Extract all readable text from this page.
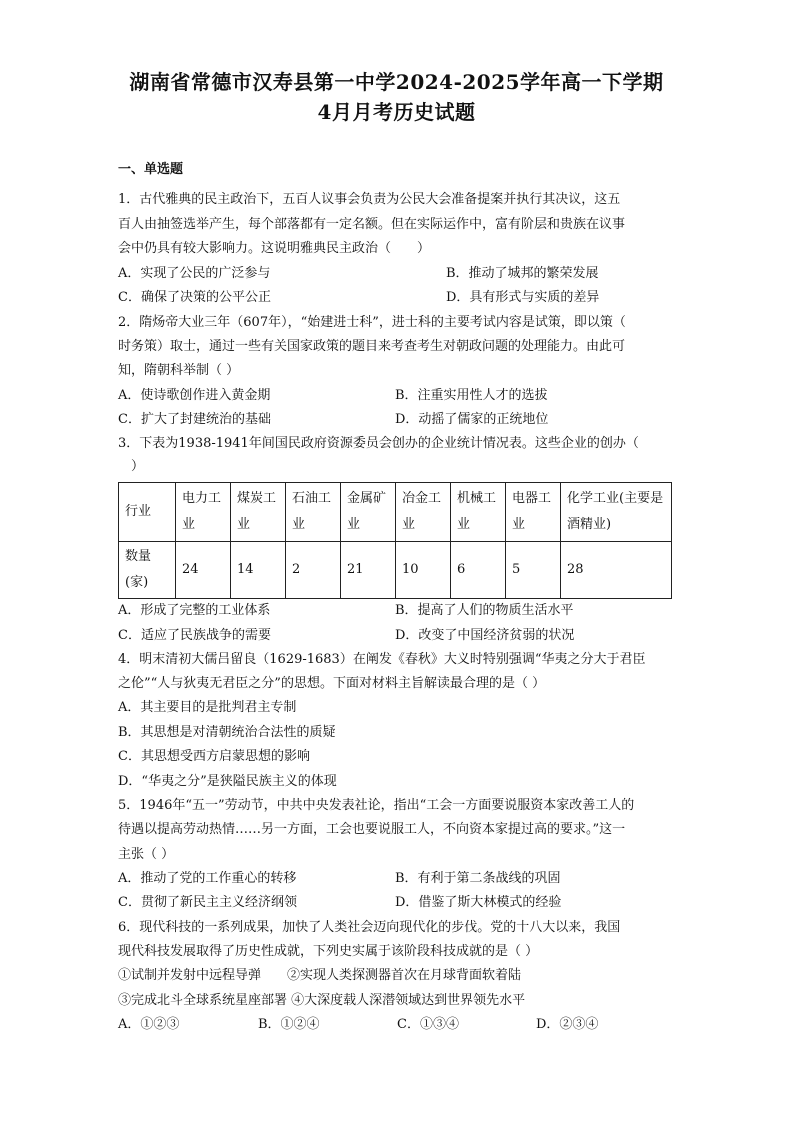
湖南省常德市汉寿县第一中学2024-2025学年高一下学期
4月月考历史试题
一、单选题
1．古代雅典的民主政治下，五百人议事会负责为公民大会准备提案并执行其决议，这五
百人由抽签选举产生，每个部落都有一定名额。但在实际运作中，富有阶层和贵族在议事
会中仍具有较大影响力。这说明雅典民主政治（　　）
A．实现了公民的广泛参与	B．推动了城邦的繁荣发展
C．确保了决策的公平公正	D．具有形式与实质的差异
2．隋炀帝大业三年（607年），“始建进士科”，进士科的主要考试内容是试策，即以策（
时务策）取士，通过一些有关国家政策的题目来考查考生对朝政问题的处理能力。由此可
知，隋朝科举制（ ）
A．使诗歌创作进入黄金期	B．注重实用性人才的选拔
C．扩大了封建统治的基础	D．动摇了儒家的正统地位
3．下表为1938-1941年间国民政府资源委员会创办的企业统计情况表。这些企业的创办（
　）
行业	电力工业	煤炭工业	石油工业	金属矿业	冶金工业	机械工业	电器工业	化学工业(主要是酒精业)
数量(家)	24	14	2	21	10	6	5	28
A．形成了完整的工业体系	B．提高了人们的物质生活水平
C．适应了民族战争的需要	D．改变了中国经济贫弱的状况
4．明末清初大儒吕留良（1629-1683）在阐发《春秋》大义时特别强调“华夷之分大于君臣
之伦”“人与狄夷无君臣之分”的思想。下面对材料主旨解读最合理的是（ ）
A．其主要目的是批判君主专制
B．其思想是对清朝统治合法性的质疑
C．其思想受西方启蒙思想的影响
D．“华夷之分”是狭隘民族主义的体现
5．1946年“五一”劳动节，中共中央发表社论，指出“工会一方面要说服资本家改善工人的
待遇以提高劳动热情……另一方面，工会也要说服工人，不向资本家提过高的要求。”这一
主张（ ）
A．推动了党的工作重心的转移	B．有利于第二条战线的巩固
C．贯彻了新民主主义经济纲领	D．借鉴了斯大林模式的经验
6．现代科技的一系列成果，加快了人类社会迈向现代化的步伐。党的十八大以来，我国
现代科技发展取得了历史性成就，下列史实属于该阶段科技成就的是（ ）
①试制并发射中远程导弹　　②实现人类探测器首次在月球背面软着陆
③完成北斗全球系统星座部署 ④大深度载人深潜领域达到世界领先水平
A．①②③	B．①②④	C．①③④	D．②③④
